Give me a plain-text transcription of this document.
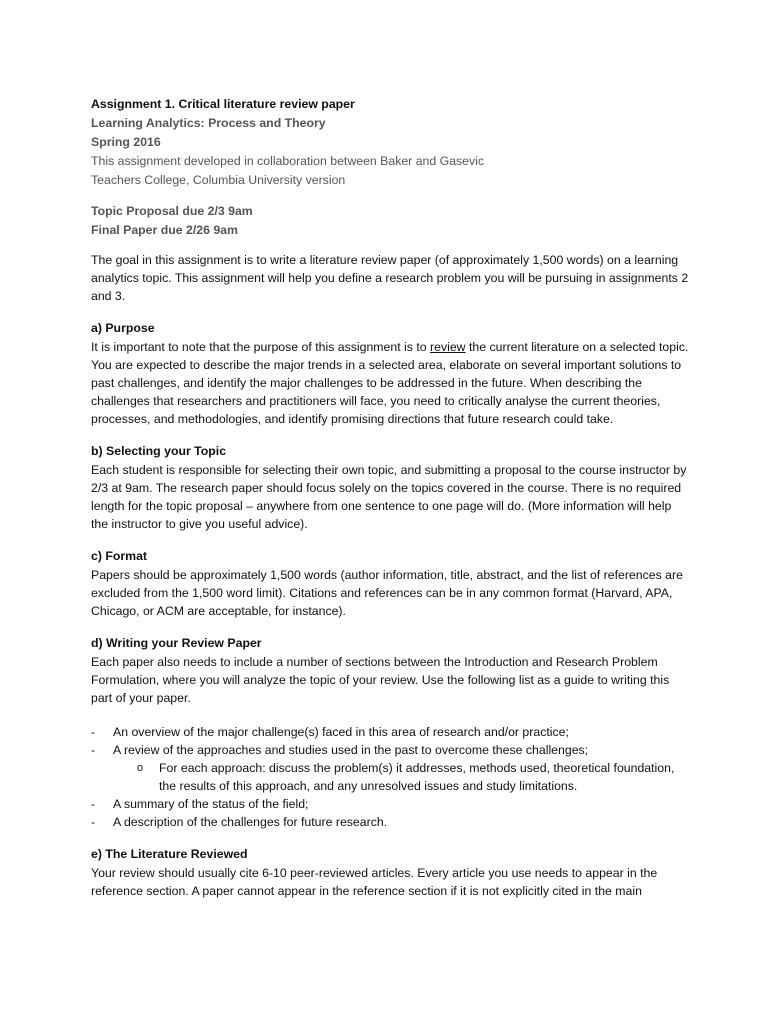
Assignment 1. Critical literature review paper
Learning Analytics: Process and Theory
Spring 2016
This assignment developed in collaboration between Baker and Gasevic
Teachers College, Columbia University version
Topic Proposal due 2/3 9am
Final Paper due 2/26 9am

The goal in this assignment is to write a literature review paper (of approximately 1,500 words) on a learning analytics topic. This assignment will help you define a research problem you will be pursuing in assignments 2 and 3.

a) Purpose

It is important to note that the purpose of this assignment is to review the current literature on a selected topic. You are expected to describe the major trends in a selected area, elaborate on several important solutions to past challenges, and identify the major challenges to be addressed in the future. When describing the challenges that researchers and practitioners will face, you need to critically analyse the current theories, processes, and methodologies, and identify promising directions that future research could take.

b) Selecting your Topic

Each student is responsible for selecting their own topic, and submitting a proposal to the course instructor by 2/3 at 9am. The research paper should focus solely on the topics covered in the course. There is no required length for the topic proposal – anywhere from one sentence to one page will do. (More information will help the instructor to give you useful advice).

c) Format

Papers should be approximately 1,500 words (author information, title, abstract, and the list of references are excluded from the 1,500 word limit). Citations and references can be in any common format (Harvard, APA, Chicago, or ACM are acceptable, for instance).

d) Writing your Review Paper

Each paper also needs to include a number of sections between the Introduction and Research Problem Formulation, where you will analyze the topic of your review. Use the following list as a guide to writing this part of your paper.

- An overview of the major challenge(s) faced in this area of research and/or practice;
- A review of the approaches and studies used in the past to overcome these challenges;
o For each approach: discuss the problem(s) it addresses, methods used, theoretical foundation, the results of this approach, and any unresolved issues and study limitations.
- A summary of the status of the field;
- A description of the challenges for future research.
e) The Literature Reviewed

Your review should usually cite 6-10 peer-reviewed articles. Every article you use needs to appear in the reference section. A paper cannot appear in the reference section if it is not explicitly cited in the main
